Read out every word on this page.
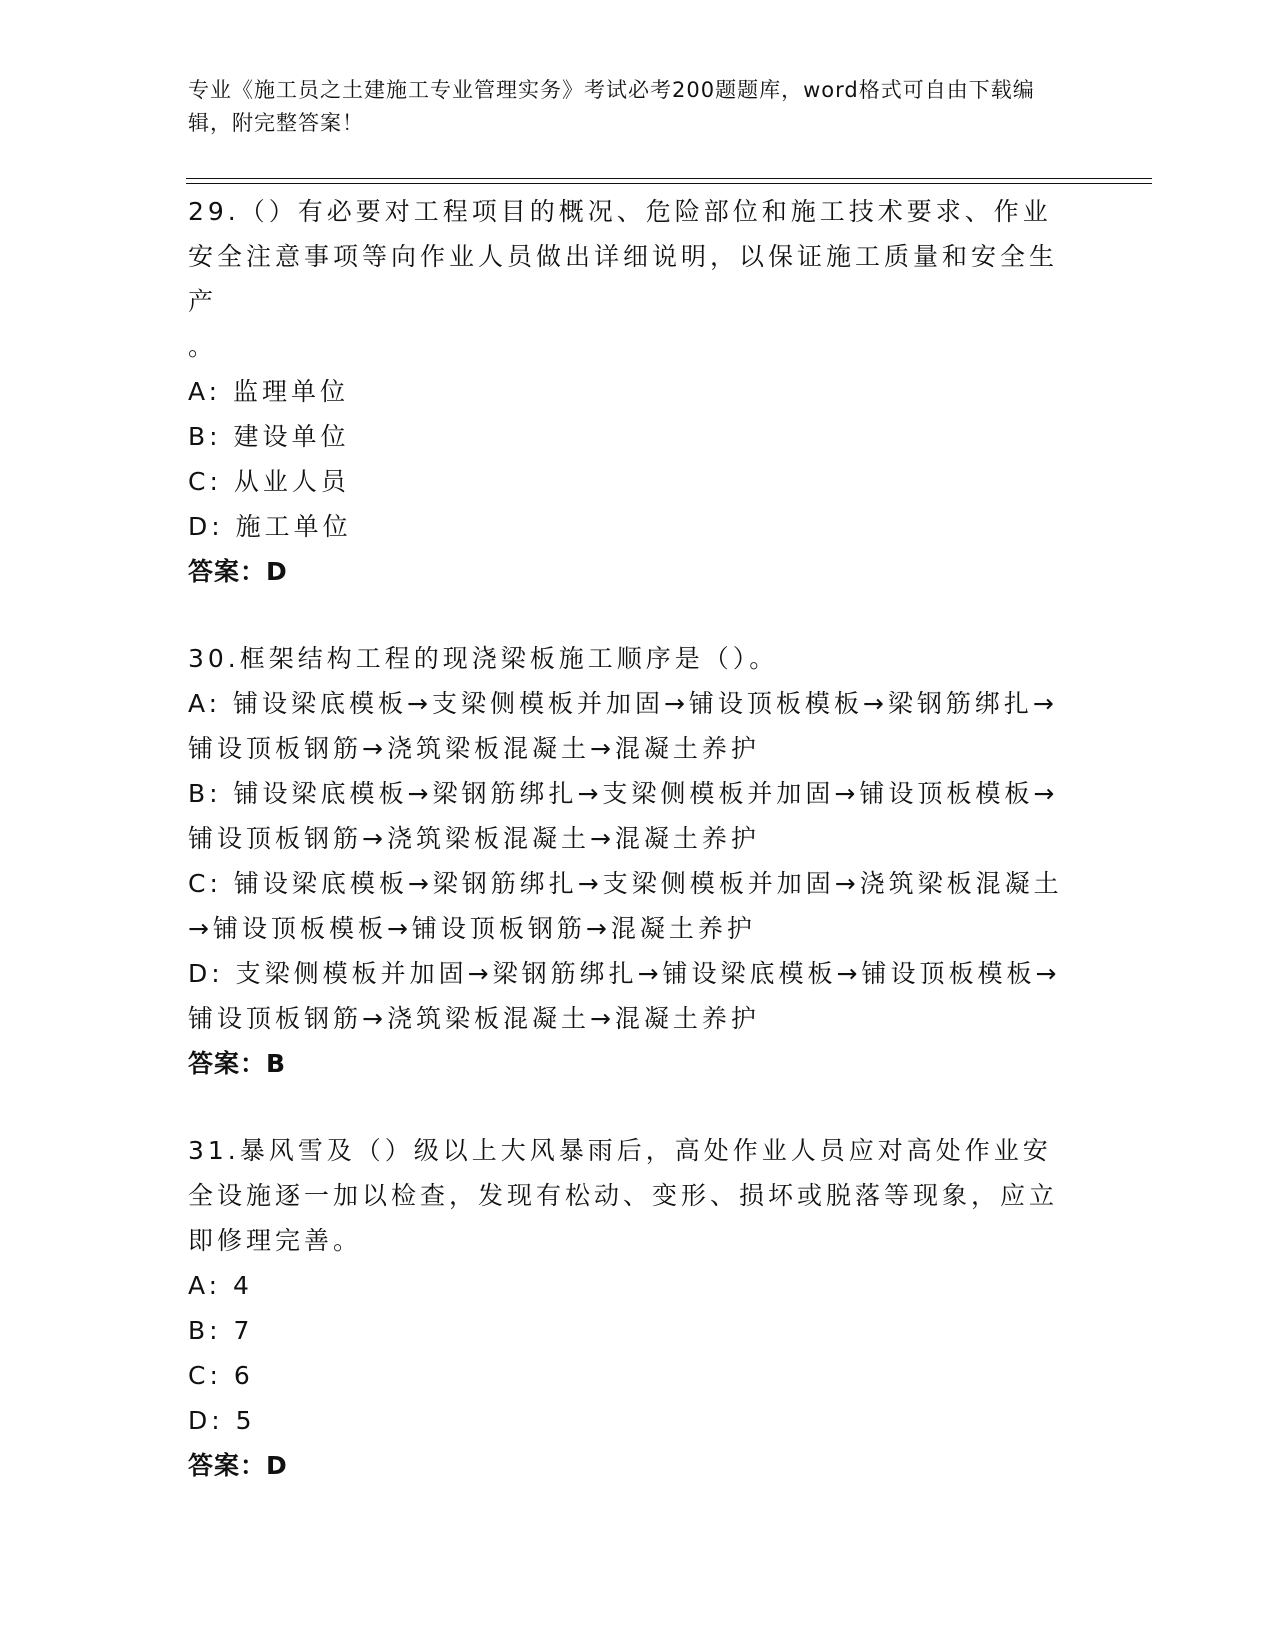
专业《施工员之土建施工专业管理实务》考试必考200题题库，word格式可自由下载编辑，附完整答案！

29.（）有必要对工程项目的概况、危险部位和施工技术要求、作业安全注意事项等向作业人员做出详细说明，以保证施工质量和安全生产
。

A: 监理单位

B: 建设单位

C: 从业人员

D: 施工单位

答案：D

30.框架结构工程的现浇梁板施工顺序是（）。

A: 铺设梁底模板→支梁侧模板并加固→铺设顶板模板→梁钢筋绑扎→铺设顶板钢筋→浇筑梁板混凝土→混凝土养护

B: 铺设梁底模板→梁钢筋绑扎→支梁侧模板并加固→铺设顶板模板→铺设顶板钢筋→浇筑梁板混凝土→混凝土养护

C: 铺设梁底模板→梁钢筋绑扎→支梁侧模板并加固→浇筑梁板混凝土→铺设顶板模板→铺设顶板钢筋→混凝土养护

D: 支梁侧模板并加固→梁钢筋绑扎→铺设梁底模板→铺设顶板模板→铺设顶板钢筋→浇筑梁板混凝土→混凝土养护

答案：B

31.暴风雪及（）级以上大风暴雨后，高处作业人员应对高处作业安全设施逐一加以检查，发现有松动、变形、损坏或脱落等现象，应立即修理完善。

A: 4

B: 7

C: 6

D: 5

答案：D
